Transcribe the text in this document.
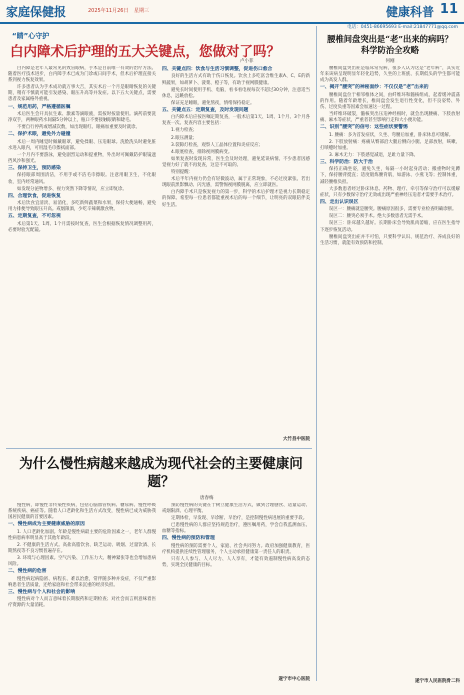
家庭保健报	2025年11月26日 星期三	健康科普 11
电话：0451-86695693 E-mail:21847771@qq.com
“睛”心守护
白内障术后护理的五大关键点，您做对了吗？
卢小菲

白内障是老年人最常见的致盲眼病，手术是目前唯一有效的治疗方法。随着医疗技术进步，白内障手术已成为门诊或日间手术，但术后护理直接关系到视力恢复效果。

许多患者认为手术成功就万事大吉，其实术后一个月是眼睛恢复的关键期，稍有不慎就可能引发感染、眼压升高等并发症。以下五大关键点，需要患者及家属格外重视。

一、规范用药，严格遵循医嘱

术后医生会开具抗生素、激素等滴眼液，需按时按量使用。滴药前要洗净双手，两种眼药水间隔5分钟以上，瓶口不要接触眼睛和睫毛。

不要自行停药或增减次数，如出现眼红、眼痛加重要及时就诊。

二、保护术眼，避免外力碰撞

术后一周内睡觉时佩戴眼罩，避免揉眼、压迫眼球。洗脸洗头时避免脏水进入眼内，可用湿毛巾擦拭面部。

一个月内不要游泳，避免剧烈运动和提重物，外出时可佩戴防护眼镜遮挡风沙和强光。

三、保持卫生，预防感染

保持眼部周围清洁，不用手或不洁毛巾擦眼。注意用眼卫生，不化眼妆，室内经常通风。

如发现分泌物增多、视力突然下降等情况，应立即复诊。

四、合理饮食，促进恢复

术后饮食宜清淡、易消化，多吃新鲜蔬菜和水果，保持大便通畅，避免用力排便导致眼压升高。戒烟限酒，少吃辛辣刺激食物。

五、定期复查，不可忽视

术后第1天、1周、1个月需按时复查，医生会根据恢复情况调整用药，必要时验光配镜。

四、关键点四：饮食与生活习惯调整，促进伤口愈合

良好的生活方式有助于伤口恢复。饮食上多吃富含维生素A、C、E的新鲜蔬果，如胡萝卜、菠菜、橙子等，有助于视网膜健康。

避免长时间使用手机、电脑，看书看电视每次不超过30分钟，注意适当休息，远眺放松。

保证充足睡眠，避免熬夜，情绪保持稳定。

五、关键点五：定期复查，及时发现问题

白内障术后应按医嘱定期复查，一般术后第1天、1周、1个月、3个月各复查一次。复查内容主要包括：

1.视力检查；

2.眼压测量；

3.裂隙灯检查，观察人工晶体位置和炎症反应；

4.眼底检查，排除视网膜病变。

如果复查时发现异常，医生会及时处理，避免延误病情。不少患者因感觉视力好了就不再复查，这是不可取的。

特别提醒：

术后半年内视力仍会有轻微波动，属于正常现象，不必过度紧张。若出现眼前黑影飘动、闪光感，需警惕视网膜脱离，应立即就医。

白内障手术只是恢复视力的第一步，科学的术后护理才是视力长期稳定的保障。希望每一位患者都能重视术后的每一个细节，让明亮的双眼陪伴美好生活。

大竹县中医院
为什么慢性病越来越成为现代社会的主要健康问题？
唐春梅

慢性病，即慢性非传染性疾病，包括心脑血管疾病、糖尿病、慢性呼吸系统疾病、癌症等。随着人口老龄化和生活方式改变，慢性病已成为威胁我国居民健康的首要因素。

一、慢性病成为主要健康威胁的原因

1. 人口老龄化加剧。年龄是慢性病最主要的危险因素之一，老年人群慢性病患病率明显高于其他年龄段。

2. 不健康的生活方式。高盐高脂饮食、缺乏运动、吸烟、过量饮酒、长期熬夜等不良习惯普遍存在。

3. 环境与心理因素。空气污染、工作压力大、精神紧张等也会增加患病风险。

二、慢性病的危害

慢性病起病隐匿、病程长、难以治愈，常伴随多种并发症，不仅严重影响患者生活质量，还给家庭和社会带来沉重的经济负担。

三、慢性病与个人和社会的影响

慢性病对个人而言意味着长期服药和定期检查；对社会而言则意味着医疗资源的大量消耗。

预防慢性病的关键在于树立健康生活方式，做到合理膳食、适量运动、戒烟限酒、心理平衡。

定期体检，早发现、早诊断、早治疗，是控制慢性病进展的重要手段。

已患慢性病的人群应坚持规范治疗，遵医嘱用药，学会自我监测血压、血糖等指标。

四、慢性病的预防和管理

慢性病的预防需要个人、家庭、社会共同努力。政府加强健康教育，医疗机构提供连续性管理服务，个人主动承担健康第一责任人的职责。

只有人人参与、人人尽力、人人享有，才能有效遏制慢性病高发的态势，实现全民健康的目标。

遂宁市中心医院
腰椎间盘突出是“老”出来的病吗？
科学防治全攻略
何刚

腰椎间盘突出症是临床常见病，很多人认为这是“老年病”，其实近年来该病呈现明显年轻化趋势，久坐的上班族、长期低头的学生都可能成为高发人群。

一、揭开“腰突”的神秘面纱：不仅仅是“老”出来的

腰椎间盘位于相邻椎体之间，由纤维环和髓核组成，起着缓冲震荡的作用。随着年龄增长，椎间盘会发生退行性变化，但不良姿势、外伤、过度负重等因素会加速这一过程。

当纤维环破裂，髓核突出压迫神经根时，就会出现腰痛、下肢放射痛、麻木等症状，严重者甚至影响行走和大小便功能。

二、识别“腰突”的信号：这些症状要警惕

1. 腰痛：多为首发症状，久坐、弯腰后加重，卧床休息可缓解。

2. 下肢放射痛：疼痛从臀部沿大腿后侧向小腿、足部放射，咳嗽、打喷嚏时加重。

3. 麻木无力：下肢感觉减退，足趾力量下降。

三、科学防治：防大于治

保持正确坐姿，避免久坐，每隔一小时起身活动；搬重物时先蹲下，保持腰背挺直；适度锻炼腰背肌，如游泳、小燕飞等；控制体重，减轻腰椎负担。

大多数患者经过卧床休息、药物、理疗、牵引等保守治疗可以缓解症状，只有少数保守治疗无效或出现严重神经压迫者才需要手术治疗。

四、走出认识误区

误区一：腰痛就是腰突。腰痛原因很多，需要专业检查明确诊断。

误区二：腰突必须手术。绝大多数患者无需手术。

误区三：卧床越久越好。长期卧床会导致肌肉萎缩，应在医生指导下逐步恢复活动。

腰椎间盘突出症并不可怕，只要科学认识、规范治疗、养成良好的生活习惯，就能有效预防和控制。

遂宁市人民医院骨二科
